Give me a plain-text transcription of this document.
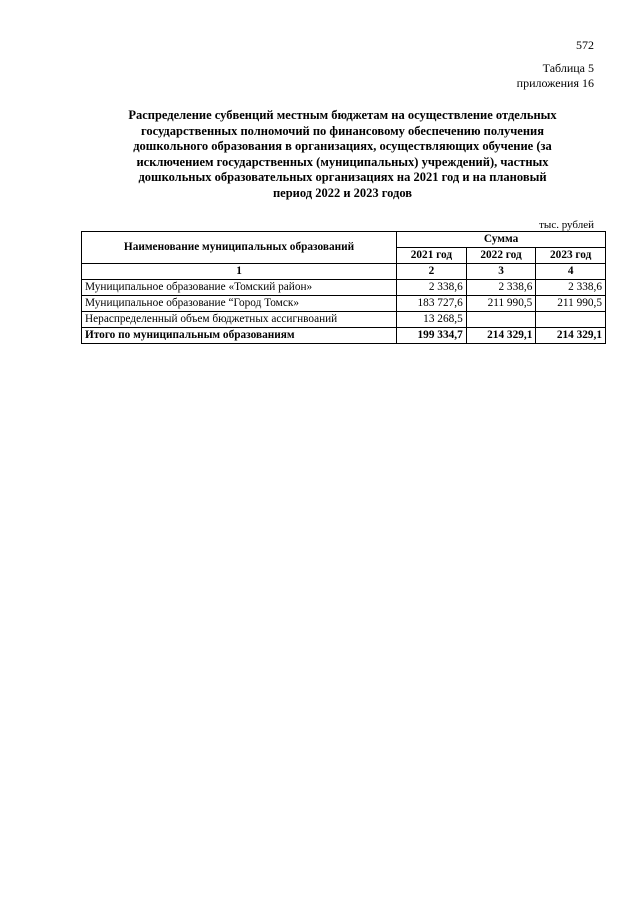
572
Таблица 5
приложения 16
Распределение субвенций местным бюджетам на осуществление отдельных
государственных полномочий по финансовому обеспечению получения
дошкольного образования в организациях, осуществляющих обучение (за
исключением государственных (муниципальных) учреждений), частных
дошкольных образовательных организациях на 2021 год и на плановый
период 2022 и 2023 годов
тыс. рублей
Наименование муниципальных образований	Сумма		
	2021 год	2022 год	2023 год
1	2	3	4
Муниципальное образование «Томский район»	2 338,6	2 338,6	2 338,6
Муниципальное образование “Город Томск»	183 727,6	211 990,5	211 990,5
Нераспределенный объем бюджетных ассигнвоаний	13 268,5		
Итого по муниципальным образованиям	199 334,7	214 329,1	214 329,1
